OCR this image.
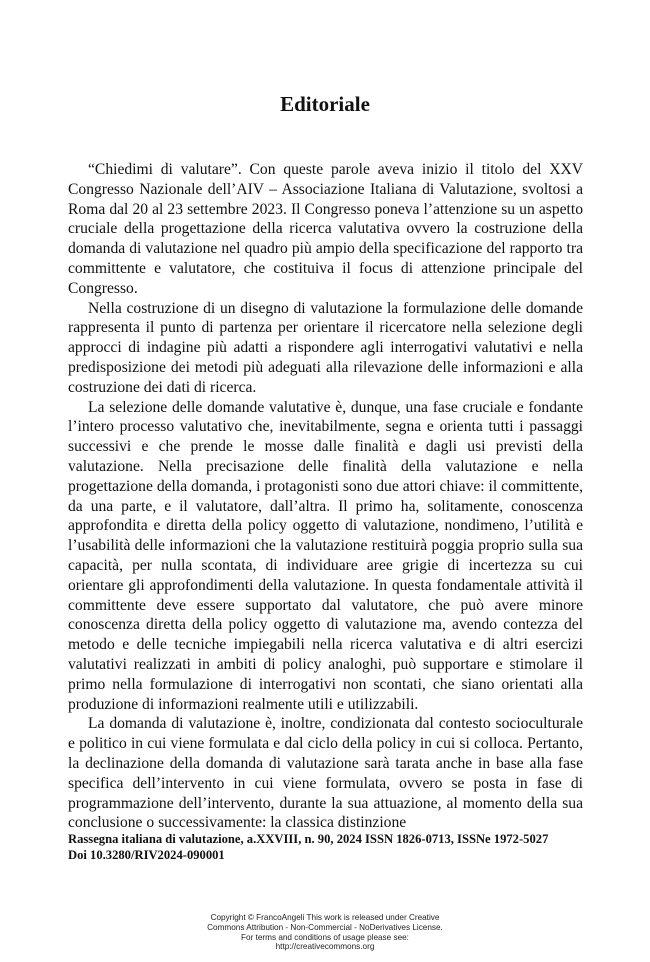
Editoriale

“Chiedimi di valutare”. Con queste parole aveva inizio il titolo del XXV Congresso Nazionale dell’AIV – Associazione Italiana di Valutazione, svoltosi a Roma dal 20 al 23 settembre 2023. Il Congresso poneva l’attenzione su un aspetto cruciale della progettazione della ricerca valutativa ovvero la costruzione della domanda di valutazione nel quadro più ampio della specificazione del rapporto tra committente e valutatore, che costituiva il focus di attenzione principale del Congresso.

Nella costruzione di un disegno di valutazione la formulazione delle domande rappresenta il punto di partenza per orientare il ricercatore nella selezione degli approcci di indagine più adatti a rispondere agli interrogativi valutativi e nella predisposizione dei metodi più adeguati alla rilevazione delle informazioni e alla costruzione dei dati di ricerca.

La selezione delle domande valutative è, dunque, una fase cruciale e fondante l’intero processo valutativo che, inevitabilmente, segna e orienta tutti i passaggi successivi e che prende le mosse dalle finalità e dagli usi previsti della valutazione. Nella precisazione delle finalità della valutazione e nella progettazione della domanda, i protagonisti sono due attori chiave: il committente, da una parte, e il valutatore, dall’altra. Il primo ha, solitamente, conoscenza approfondita e diretta della policy oggetto di valutazione, nondimeno, l’utilità e l’usabilità delle informazioni che la valutazione restituirà poggia proprio sulla sua capacità, per nulla scontata, di individuare aree grigie di incertezza su cui orientare gli approfondimenti della valutazione. In questa fondamentale attività il committente deve essere supportato dal valutatore, che può avere minore conoscenza diretta della policy oggetto di valutazione ma, avendo contezza del metodo e delle tecniche impiegabili nella ricerca valutativa e di altri esercizi valutativi realizzati in ambiti di policy analoghi, può supportare e stimolare il primo nella formulazione di interrogativi non scontati, che siano orientati alla produzione di informazioni realmente utili e utilizzabili.

La domanda di valutazione è, inoltre, condizionata dal contesto socioculturale e politico in cui viene formulata e dal ciclo della policy in cui si colloca. Pertanto, la declinazione della domanda di valutazione sarà tarata anche in base alla fase specifica dell’intervento in cui viene formulata, ovvero se posta in fase di programmazione dell’intervento, durante la sua attuazione, al momento della sua conclusione o successivamente: la classica distinzione

Rassegna italiana di valutazione, a.XXVIII, n. 90, 2024 ISSN 1826-0713, ISSNe 1972-5027
Doi 10.3280/RIV2024-090001
Copyright © FrancoAngeli This work is released under Creative
Commons Attribution - Non-Commercial - NoDerivatives License.
For terms and conditions of usage please see:
http://creativecommons.org
